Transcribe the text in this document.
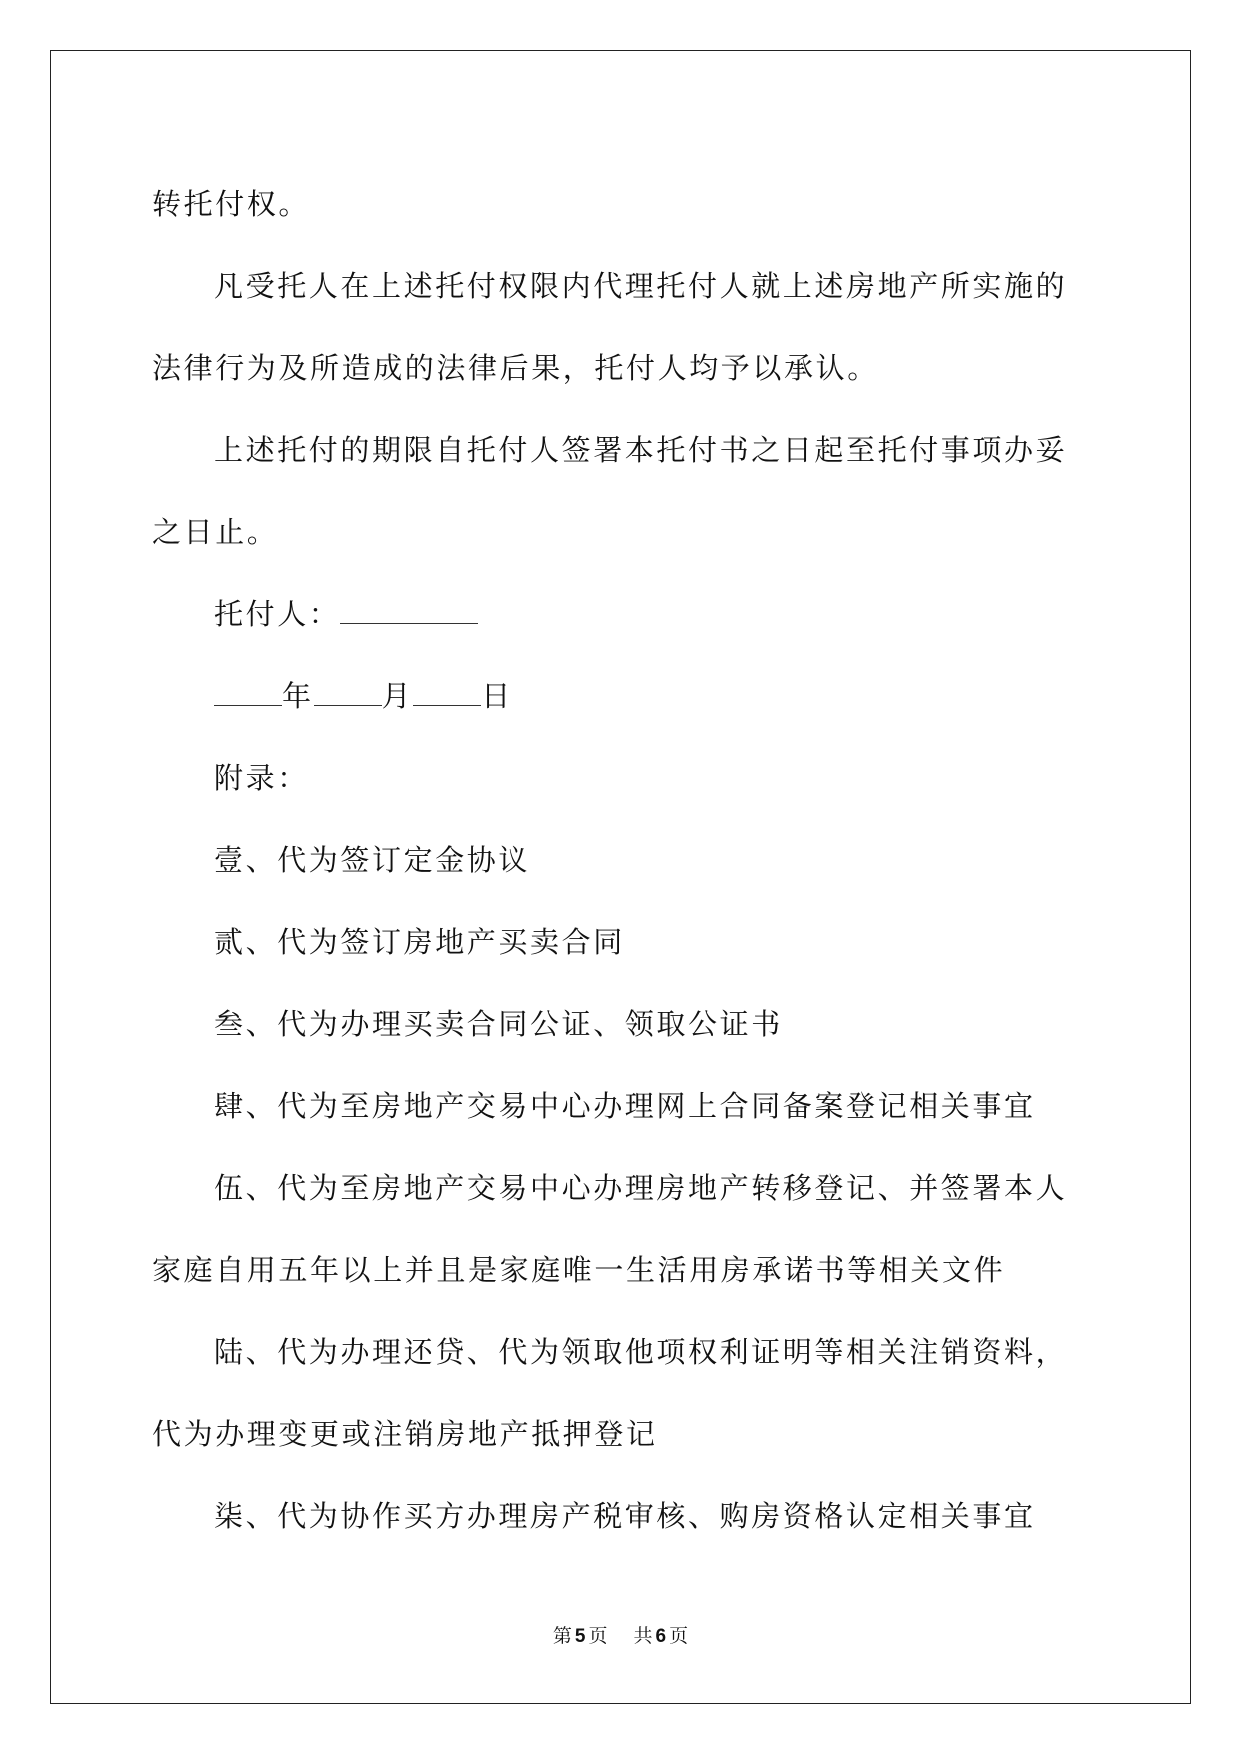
转托付权。

凡受托人在上述托付权限内代理托付人就上述房地产所实施的法律行为及所造成的法律后果，托付人均予以承认。

上述托付的期限自托付人签署本托付书之日起至托付事项办妥之日止。

托付人：

年 月 日

附录：

壹、代为签订定金协议

贰、代为签订房地产买卖合同

叁、代为办理买卖合同公证、领取公证书

肆、代为至房地产交易中心办理网上合同备案登记相关事宜

伍、代为至房地产交易中心办理房地产转移登记、并签署本人家庭自用五年以上并且是家庭唯一生活用房承诺书等相关文件

陆、代为办理还贷、代为领取他项权利证明等相关注销资料，代为办理变更或注销房地产抵押登记

柒、代为协作买方办理房产税审核、购房资格认定相关事宜

第 5 页 共 6 页
